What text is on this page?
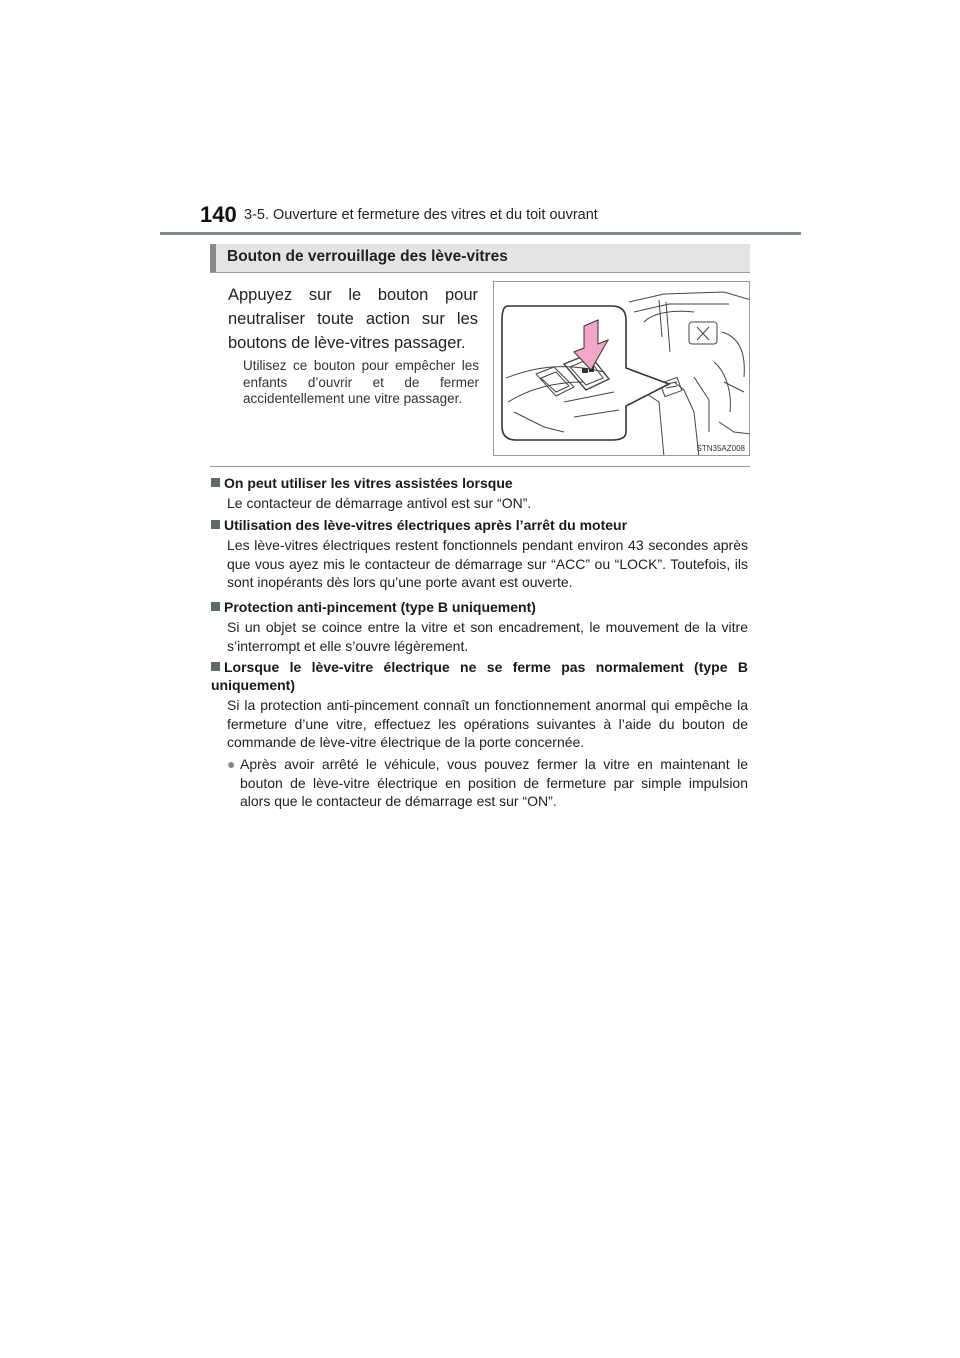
140 3-5. Ouverture et fermeture des vitres et du toit ouvrant
Bouton de verrouillage des lève-vitres
Appuyez sur le bouton pour neutraliser toute action sur les boutons de lève-vitres passager.
Utilisez ce bouton pour empêcher les enfants d’ouvrir et de fermer accidentellement une vitre passager.
STN35AZ008
On peut utiliser les vitres assistées lorsque
Le contacteur de démarrage antivol est sur “ON”.
Utilisation des lève-vitres électriques après l’arrêt du moteur
Les lève-vitres électriques restent fonctionnels pendant environ 43 secondes après que vous ayez mis le contacteur de démarrage sur “ACC” ou “LOCK”. Toutefois, ils sont inopérants dès lors qu’une porte avant est ouverte.
Protection anti-pincement (type B uniquement)
Si un objet se coince entre la vitre et son encadrement, le mouvement de la vitre s’interrompt et elle s’ouvre légèrement.
Lorsque le lève-vitre électrique ne se ferme pas normalement (type B uniquement)
Si la protection anti-pincement connaît un fonctionnement anormal qui empêche la fermeture d’une vitre, effectuez les opérations suivantes à l’aide du bouton de commande de lève-vitre électrique de la porte concernée.
● Après avoir arrêté le véhicule, vous pouvez fermer la vitre en maintenant le bouton de lève-vitre électrique en position de fermeture par simple impulsion alors que le contacteur de démarrage est sur “ON”.
